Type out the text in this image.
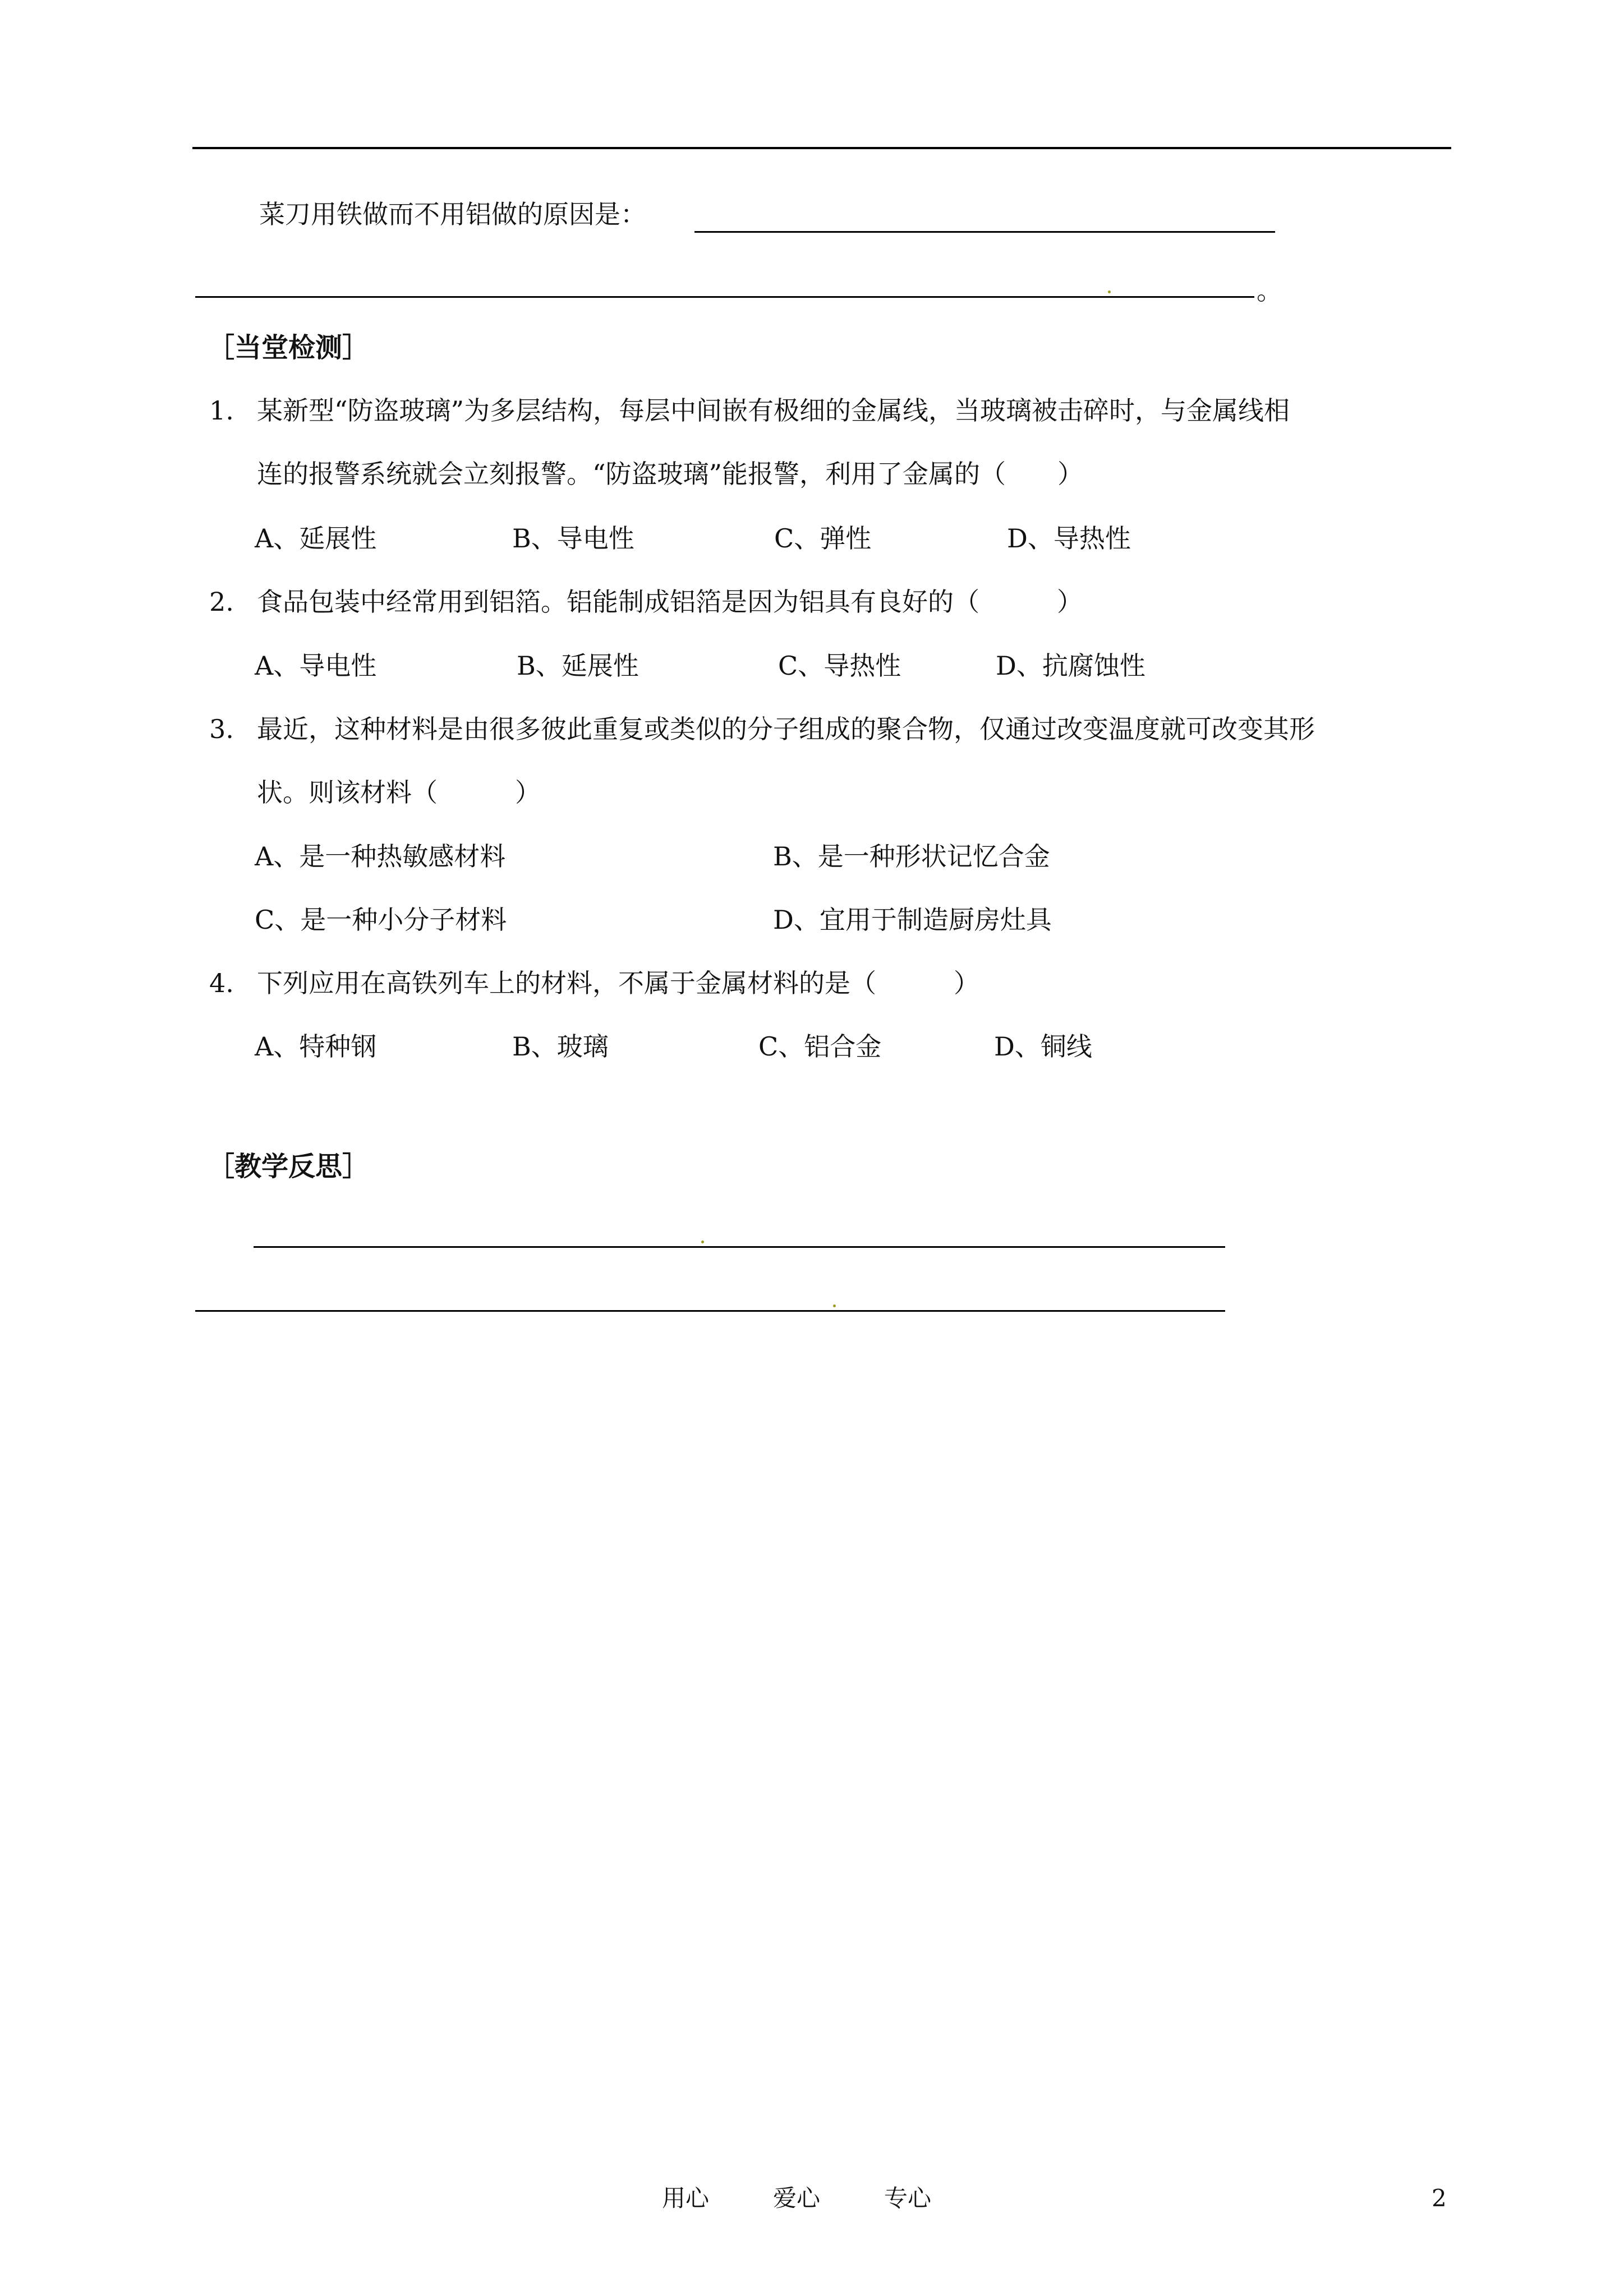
菜刀用铁做而不用铝做的原因是：
。
［当堂检测］
1. 某新型“防盗玻璃”为多层结构，每层中间嵌有极细的金属线，当玻璃被击碎时，与金属线相
连的报警系统就会立刻报警。“防盗玻璃”能报警，利用了金属的（　　）
A、延展性	B、导电性	C、弹性	D、导热性
2. 食品包装中经常用到铝箔。铝能制成铝箔是因为铝具有良好的（　　　）
A、导电性	B、延展性	C、导热性	D、抗腐蚀性
3. 最近，这种材料是由很多彼此重复或类似的分子组成的聚合物，仅通过改变温度就可改变其形
状。则该材料（　　　）
A、是一种热敏感材料	B、是一种形状记忆合金
C、是一种小分子材料	D、宜用于制造厨房灶具
4. 下列应用在高铁列车上的材料，不属于金属材料的是（　　　）
A、特种钢	B、玻璃	C、铝合金	D、铜线
［教学反思］
用心	爱心	专心	2
